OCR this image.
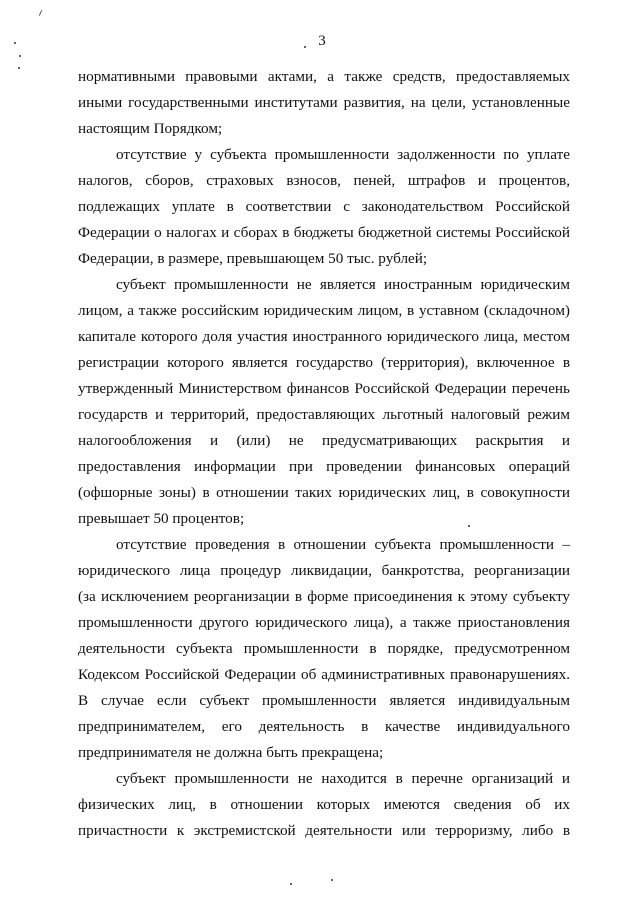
3
нормативными правовыми актами, а также средств, предоставляемых
иными государственными институтами развития, на цели, установленные
настоящим Порядком;
отсутствие у субъекта промышленности задолженности по уплате
налогов, сборов, страховых взносов, пеней, штрафов и процентов,
подлежащих уплате в соответствии с законодательством Российской
Федерации о налогах и сборах в бюджеты бюджетной системы Российской
Федерации, в размере, превышающем 50 тыс. рублей;
субъект промышленности не является иностранным юридическим
лицом, а также российским юридическим лицом, в уставном (складочном)
капитале которого доля участия иностранного юридического лица, местом
регистрации которого является государство (территория), включенное в
утвержденный Министерством финансов Российской Федерации перечень
государств и территорий, предоставляющих льготный налоговый режим
налогообложения и (или) не предусматривающих раскрытия и
предоставления информации при проведении финансовых операций
(офшорные зоны) в отношении таких юридических лиц, в совокупности
превышает 50 процентов;
отсутствие проведения в отношении субъекта промышленности –
юридического лица процедур ликвидации, банкротства, реорганизации
(за исключением реорганизации в форме присоединения к этому субъекту
промышленности другого юридического лица), а также приостановления
деятельности субъекта промышленности в порядке, предусмотренном
Кодексом Российской Федерации об административных правонарушениях.
В случае если субъект промышленности является индивидуальным
предпринимателем, его деятельность в качестве индивидуального
предпринимателя не должна быть прекращена;
субъект промышленности не находится в перечне организаций и
физических лиц, в отношении которых имеются сведения об их
причастности к экстремистской деятельности или терроризму, либо в
